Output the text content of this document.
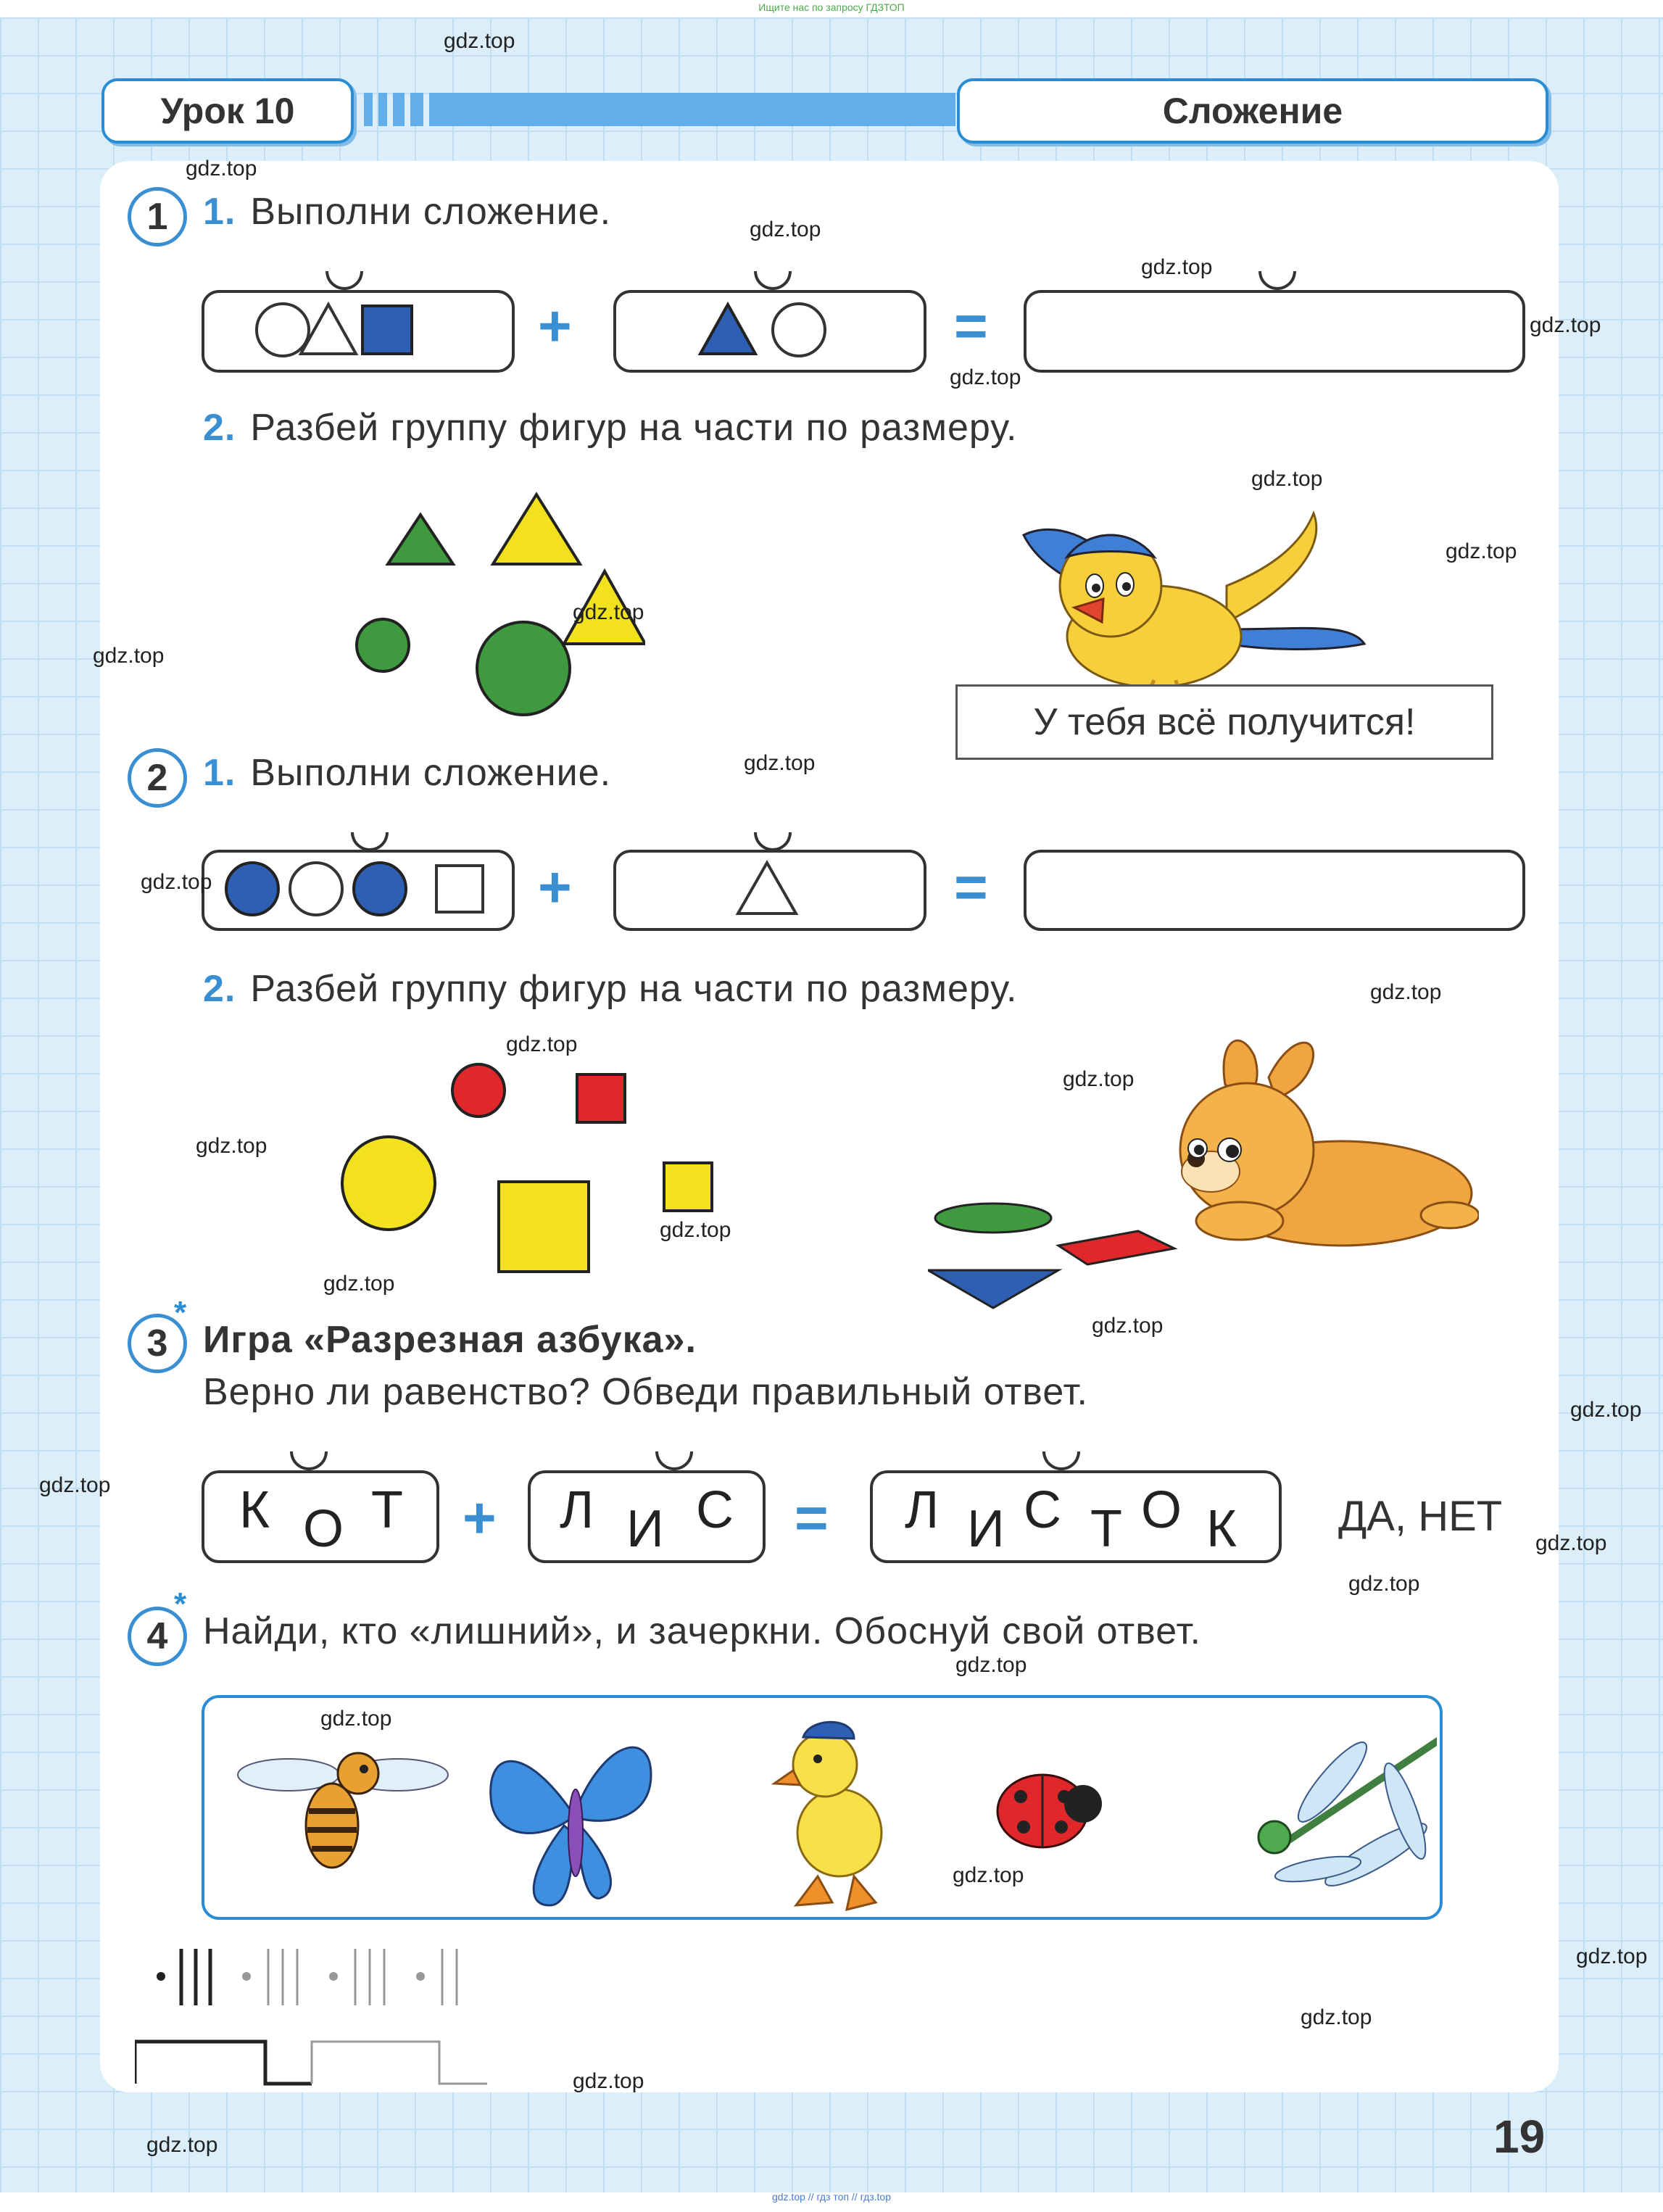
Ищите нас по запросу ГДЗТОП
Урок 10	Сложение
1 1. Выполни сложение.
+	=
2. Разбей группу фигур на части по размеру.
У тебя всё получится!
2 1. Выполни сложение.
+	=
2. Разбей группу фигур на части по размеру.
3
*
Игра «Разрезная азбука».
Верно ли равенство? Обведи правильный ответ.
К О Т + Л И С = Л И С Т О К ДА, НЕТ
4
*
Найди, кто «лишний», и зачеркни. Обоснуй свой ответ.
19
gdz.top
gdz.top
gdz.top
gdz.top
gdz.top
gdz.top
gdz.top
gdz.top
gdz.top
gdz.top
gdz.top
gdz.top
gdz.top
gdz.top
gdz.top
gdz.top
gdz.top
gdz.top
gdz.top
gdz.top
gdz.top
gdz.top
gdz.top
gdz.top
gdz.top
gdz.top
gdz.top
gdz.top
gdz.top
gdz.top
gdz.top // гдз топ // гдз.top
